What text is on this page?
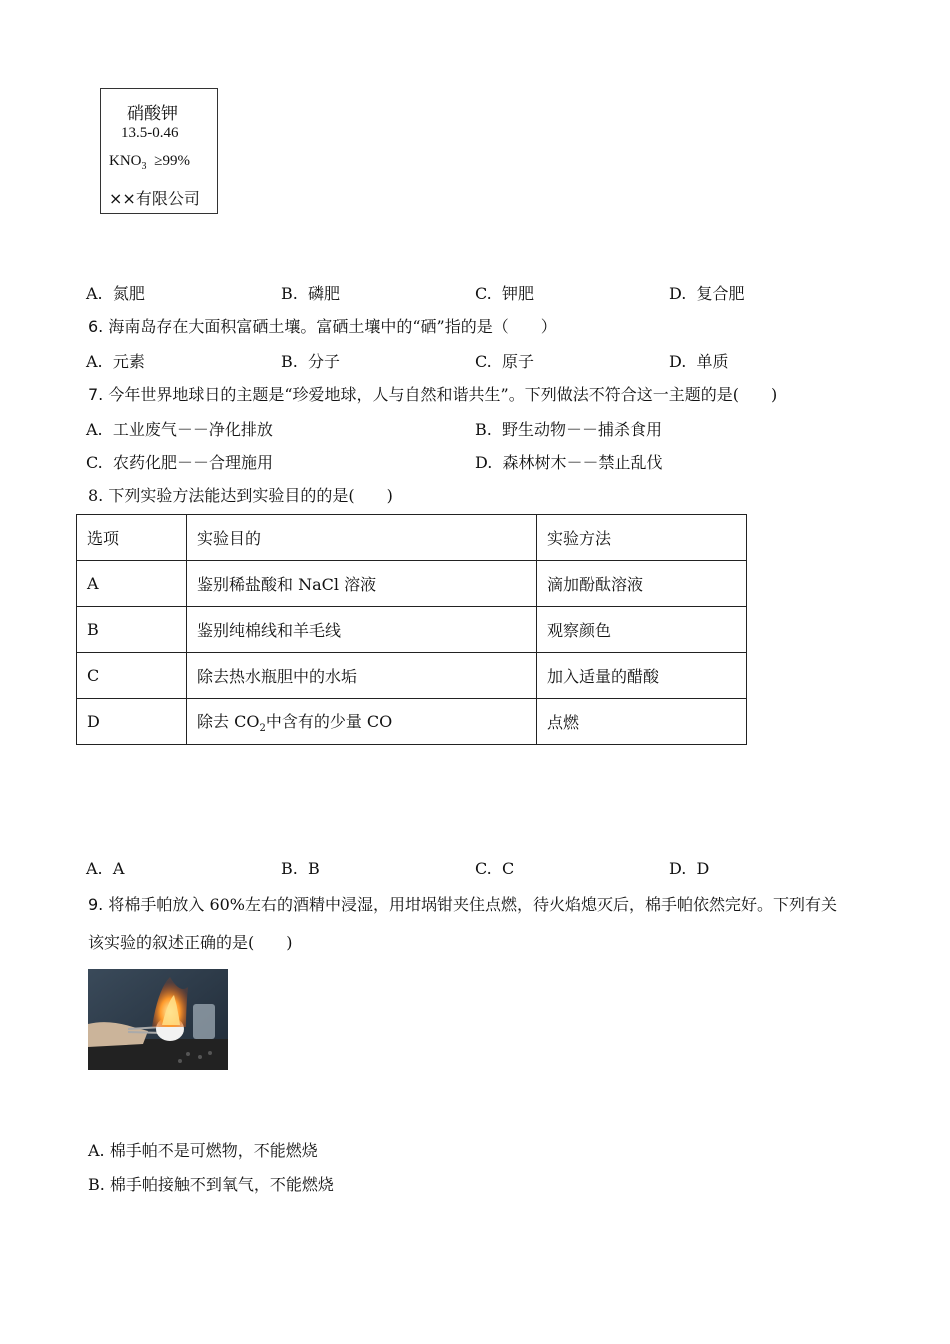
硝酸钾
13.5-0.46
$KNO_3 \ge 99\%$
××有限公司
A. 氮肥	B. 磷肥	C. 钾肥	D. 复合肥
6. 海南岛存在大面积富硒土壤。富硒土壤中的“硒”指的是（　　）
A. 元素	B. 分子	C. 原子	D. 单质
7. 今年世界地球日的主题是“珍爱地球，人与自然和谐共生”。下列做法不符合这一主题的是(　　)
A. 工业废气－－净化排放	B. 野生动物－－捕杀食用
C. 农药化肥－－合理施用	D. 森林树木－－禁止乱伐
8. 下列实验方法能达到实验目的的是(　　)
选项	实验目的	实验方法
A	鉴别稀盐酸和 NaCl 溶液	滴加酚酞溶液
B	鉴别纯棉线和羊毛线	观察颜色
C	除去热水瓶胆中的水垢	加入适量的醋酸
D	除去 $CO_2$中含有的少量 CO	点燃
A. A	B. B	C. C	D. D
9. 将棉手帕放入 60%左右的酒精中浸湿，用坩埚钳夹住点燃，待火焰熄灭后，棉手帕依然完好。下列有关
该实验的叙述正确的是(　　)
A. 棉手帕不是可燃物，不能燃烧
B. 棉手帕接触不到氧气，不能燃烧
